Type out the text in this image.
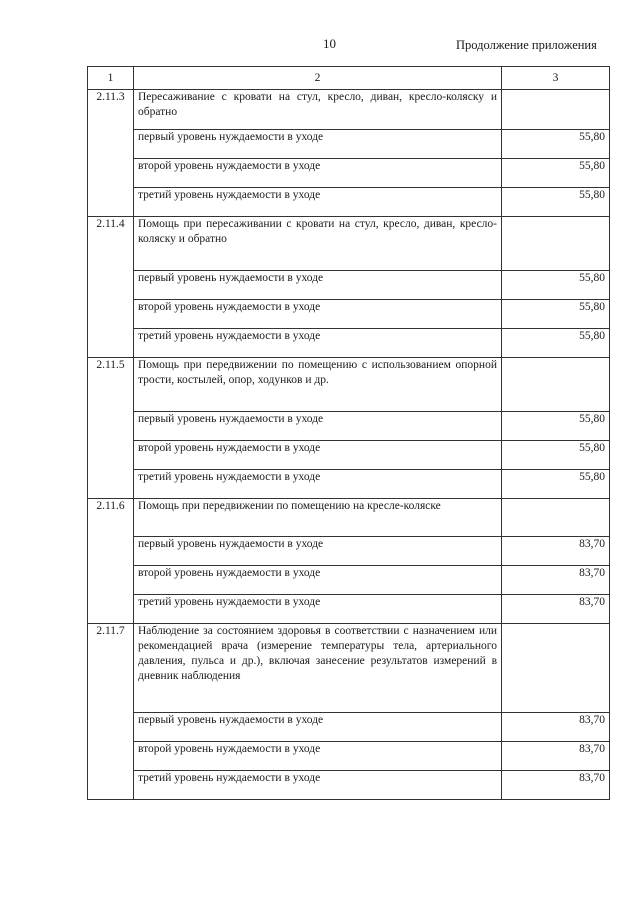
10	Продолжение приложения
1	2	3
2.11.3	Пересаживание с кровати на стул, кресло, диван, кресло-коляску и обратно	

	первый уровень нуждаемости в уходе	55,80
	второй уровень нуждаемости в уходе	55,80
	третий уровень нуждаемости в уходе	55,80
2.11.4	Помощь при пересаживании с кровати на стул, кресло, диван, кресло-коляску и обратно	

	первый уровень нуждаемости в уходе	55,80
	второй уровень нуждаемости в уходе	55,80
	третий уровень нуждаемости в уходе	55,80
2.11.5	Помощь при передвижении по помещению с использованием опорной трости, костылей, опор, ходунков и др.	

	первый уровень нуждаемости в уходе	55,80
	второй уровень нуждаемости в уходе	55,80
	третий уровень нуждаемости в уходе	55,80
2.11.6	Помощь при передвижении по помещению на кресле-коляске	

	первый уровень нуждаемости в уходе	83,70
	второй уровень нуждаемости в уходе	83,70
	третий уровень нуждаемости в уходе	83,70
2.11.7	Наблюдение за состоянием здоровья в соответствии с назначением или рекомендацией врача (измерение температуры тела, артериального давления, пульса и др.), включая занесение результатов измерений в дневник наблюдения	

	первый уровень нуждаемости в уходе	83,70
	второй уровень нуждаемости в уходе	83,70
	третий уровень нуждаемости в уходе	83,70
